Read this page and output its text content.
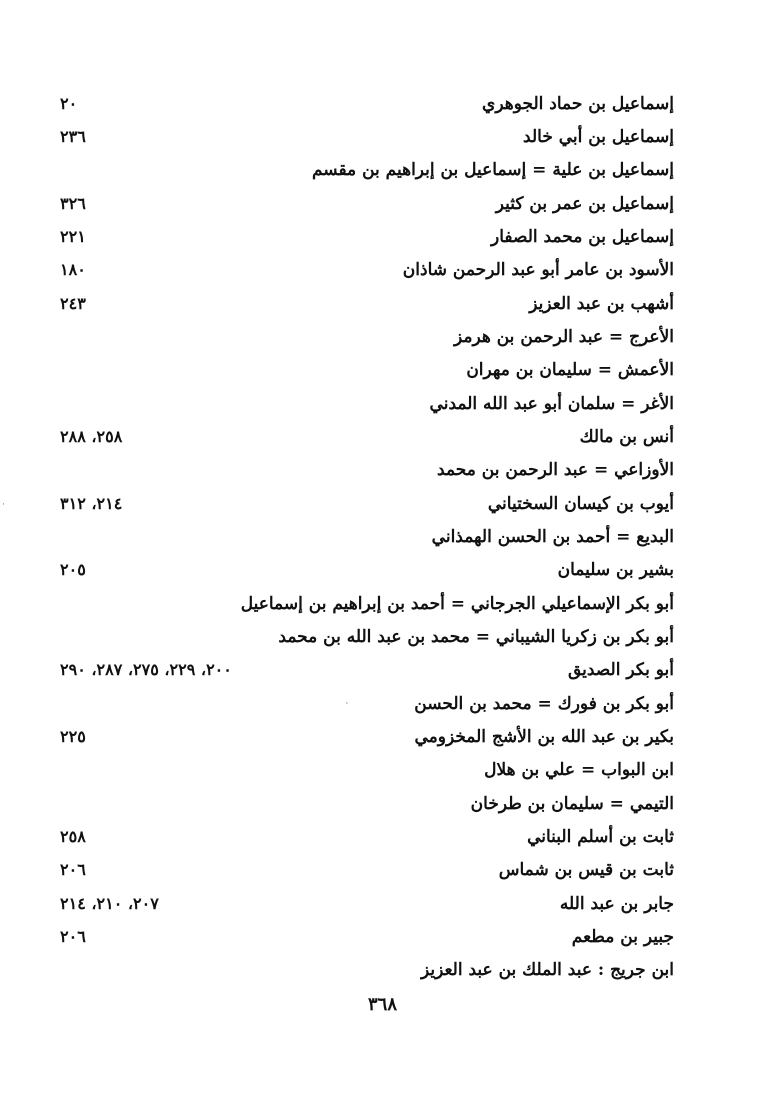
إسماعيل بن حماد الجوهري
٢٠
إسماعيل بن أبي خالد
٢٣٦
إسماعيل بن علية = إسماعيل بن إبراهيم بن مقسم
إسماعيل بن عمر بن كثير
٣٢٦
إسماعيل بن محمد الصفار
٢٢١
الأسود بن عامر أبو عبد الرحمن شاذان
١٨٠
أشهب بن عبد العزيز
٢٤٣
الأعرج = عبد الرحمن بن هرمز
الأعمش = سليمان بن مهران
الأغر = سلمان أبو عبد الله المدني
أنس بن مالك
٢٥٨، ٢٨٨
الأوزاعي = عبد الرحمن بن محمد
أيوب بن كيسان السختياني
٢١٤، ٣١٢
البديع = أحمد بن الحسن الهمذاني
بشير بن سليمان
٢٠٥
أبو بكر الإسماعيلي الجرجاني = أحمد بن إبراهيم بن إسماعيل
أبو بكر بن زكريا الشيباني = محمد بن عبد الله بن محمد
أبو بكر الصديق
٢٠٠، ٢٢٩، ٢٧٥، ٢٨٧، ٢٩٠
أبو بكر بن فورك = محمد بن الحسن
بكير بن عبد الله بن الأشج المخزومي
٢٢٥
ابن البواب = علي بن هلال
التيمي = سليمان بن طرخان
ثابت بن أسلم البناني
٢٥٨
ثابت بن قيس بن شماس
٢٠٦
جابر بن عبد الله
٢٠٧، ٢١٠، ٢١٤
جبير بن مطعم
٢٠٦
ابن جريج : عبد الملك بن عبد العزيز
٣٦٨
·
`
